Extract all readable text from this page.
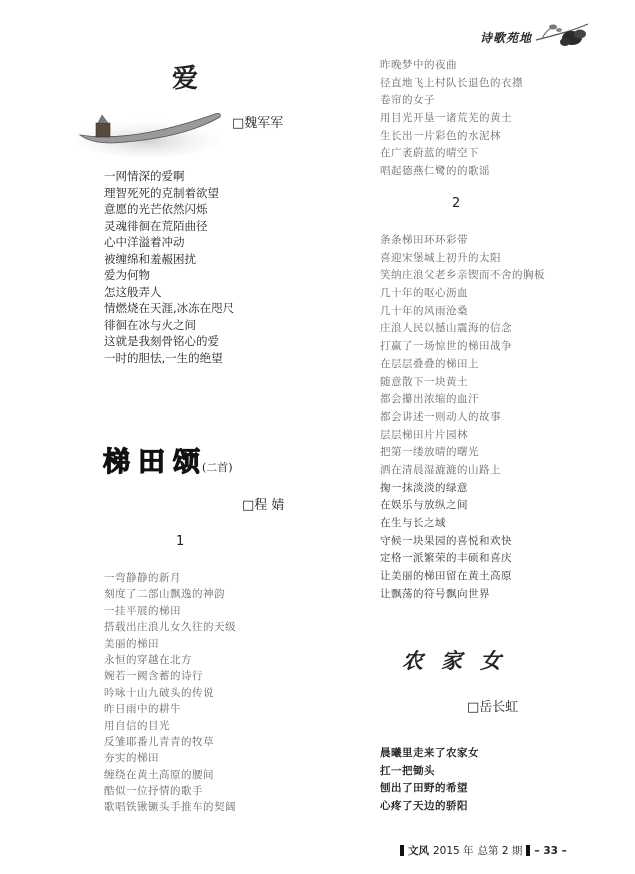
诗歌苑地
爱
□魏军军
一网情深的爱啊
理智死死的克制着欲望
意愿的光芒依然闪烁
灵魂徘徊在荒陌曲径
心中洋溢着冲动
被缠绵和羞赧困扰
爱为何物
怎这般弄人
情燃烧在天涯,冰冻在咫尺
徘徊在冰与火之间
这就是我刻骨铭心的爱
一时的胆怯,一生的绝望
梯田颂(二首)
□程 婧
1
一弯静静的新月
刻度了二部山飘逸的神韵
一挂平展的梯田
搭载出庄浪儿女久往的天级
美丽的梯田
永恒的穿越在北方
婉若一阙含蓄的诗行
吟咏十山九破头的传说
昨日雨中的耕牛
用自信的目光
反雏耶番儿青青的牧草
夯实的梯田
缠绕在黄土高原的腰间
酷似一位抒情的歌手
歌唱铁锹镢头手推车的契阔
昨晚梦中的夜曲
径直地飞上村队长退色的衣襟
卷帘的女子
用目光开垦一诸荒芜的黄土
生长出一片彩色的水泥林
在广袤蔚蓝的晴空下
唱起德燕仁鹭的的歌谣
2
条条梯田环环彩带
喜迎宋堡城上初升的太阳
笑纳庄浪父老乡亲锲而不舍的胸板
几十年的呕心沥血
几十年的风雨沧桑
庄浪人民以撼山震海的信念
打赢了一场惊世的梯田战争
在层层叠叠的梯田上
随意散下一块黄土
都会攥出浓缩的血汗
都会讲述一则动人的故事
层层梯田片片园林
把第一缕放晴的曙光
洒在清晨湿漉漉的山路上
掬一抹淡淡的绿意
在娱乐与放纵之间
在生与长之域
守候一块果园的喜悦和欢快
定格一派繁荣的丰硕和喜庆
让美丽的梯田留在黄土高原
让飘荡的符号飘向世界
农家女
□岳长虹
晨曦里走来了农家女
扛一把锄头
刨出了田野的希望
心疼了天边的骄阳
文风 2015 年 总第 2 期 – 33 –
